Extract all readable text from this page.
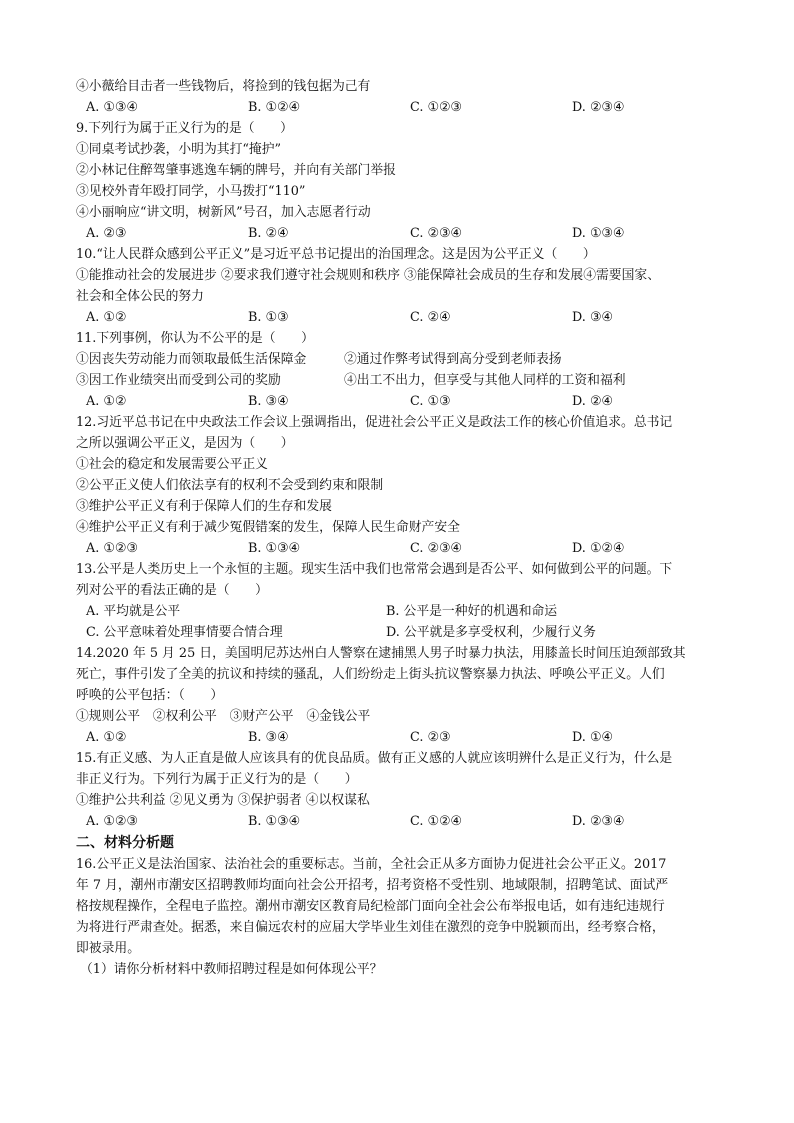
④小薇给目击者一些钱物后，将捡到的钱包据为己有
A. ①③④	B. ①②④	C. ①②③	D. ②③④
9.下列行为属于正义行为的是（　　）
①同桌考试抄袭，小明为其打“掩护”
②小林记住醉驾肇事逃逸车辆的牌号，并向有关部门举报
③见校外青年殴打同学，小马拨打“110”
④小丽响应“讲文明，树新风”号召，加入志愿者行动
A. ②③	B. ②④	C. ②③④	D. ①③④
10.“让人民群众感到公平正义”是习近平总书记提出的治国理念。这是因为公平正义（　　）
①能推动社会的发展进步 ②要求我们遵守社会规则和秩序 ③能保障社会成员的生存和发展④需要国家、
社会和全体公民的努力
A. ①②	B. ①③	C. ②④	D. ③④
11.下列事例，你认为不公平的是（　　）
①因丧失劳动能力而领取最低生活保障金	②通过作弊考试得到高分受到老师表扬
③因工作业绩突出而受到公司的奖励	④出工不出力，但享受与其他人同样的工资和福利
A. ①②	B. ③④	C. ①③	D. ②④
12.习近平总书记在中央政法工作会议上强调指出，促进社会公平正义是政法工作的核心价值追求。总书记
之所以强调公平正义，是因为（　　）
①社会的稳定和发展需要公平正义
②公平正义使人们依法享有的权利不会受到约束和限制
③维护公平正义有利于保障人们的生存和发展
④维护公平正义有利于减少冤假错案的发生，保障人民生命财产安全
A. ①②③	B. ①③④	C. ②③④	D. ①②④
13.公平是人类历史上一个永恒的主题。现实生活中我们也常常会遇到是否公平、如何做到公平的问题。下
列对公平的看法正确的是（　　）
A. 平均就是公平	B. 公平是一种好的机遇和命运
C. 公平意味着处理事情要合情合理	D. 公平就是多享受权利，少履行义务
14.2020 年 5 月 25 日，美国明尼苏达州白人警察在逮捕黑人男子时暴力执法，用膝盖长时间压迫颈部致其
死亡，事件引发了全美的抗议和持续的骚乱，人们纷纷走上街头抗议警察暴力执法、呼唤公平正义。人们
呼唤的公平包括：（　　）
①规则公平　②权利公平　③财产公平　④金钱公平
A. ①②	B. ③④	C. ②③	D. ①④
15.有正义感、为人正直是做人应该具有的优良品质。做有正义感的人就应该明辨什么是正义行为，什么是
非正义行为。下列行为属于正义行为的是（　　）
①维护公共利益 ②见义勇为 ③保护弱者 ④以权谋私
A. ①②③	B. ①③④	C. ①②④	D. ②③④
二、材料分析题
16.公平正义是法治国家、法治社会的重要标志。当前，全社会正从多方面协力促进社会公平正义。2017
年 7 月，潮州市潮安区招聘教师均面向社会公开招考，招考资格不受性别、地域限制，招聘笔试、面试严
格按规程操作，全程电子监控。潮州市潮安区教育局纪检部门面向全社会公布举报电话，如有违纪违规行
为将进行严肃查处。据悉，来自偏远农村的应届大学毕业生刘佳在激烈的竞争中脱颖而出，经考察合格，
即被录用。
（1）请你分析材料中教师招聘过程是如何体现公平？
